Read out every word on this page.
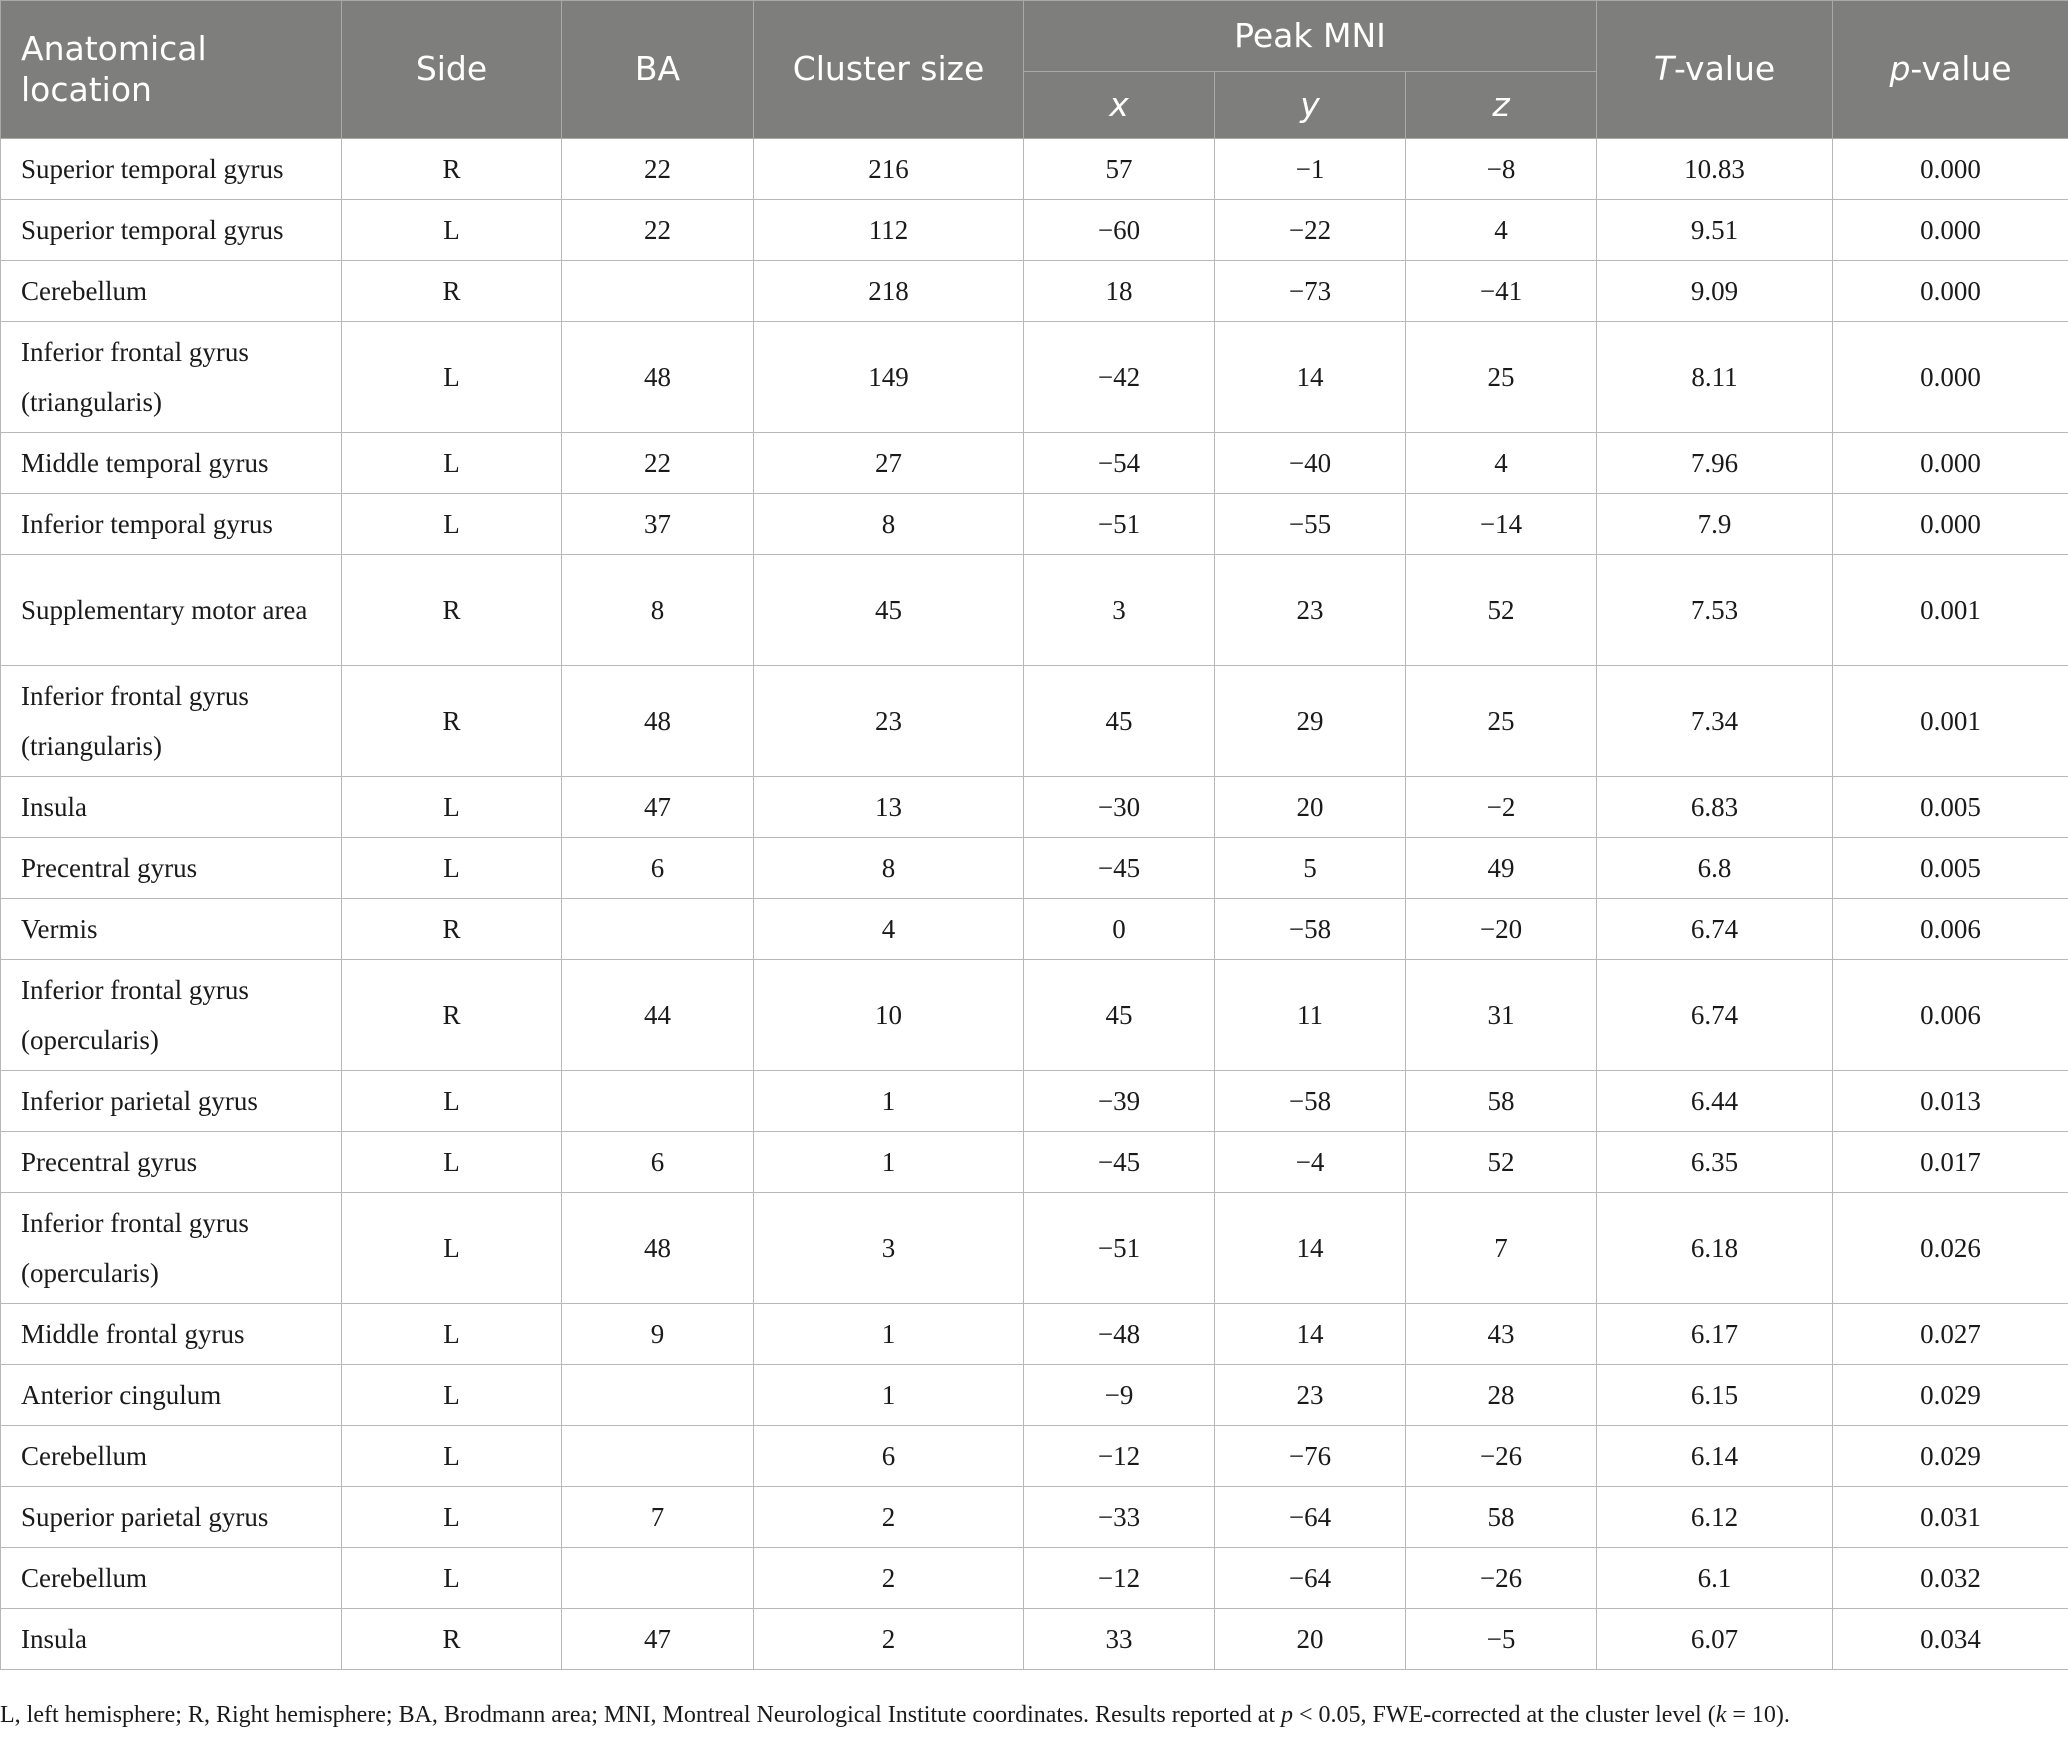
Anatomical location	Side	BA	Cluster size	Peak MNI			T-value	p-value
				x	y	z		
Superior temporal gyrus	R	22	216	57	−1	−8	10.83	0.000
Superior temporal gyrus	L	22	112	−60	−22	4	9.51	0.000
Cerebellum	R		218	18	−73	−41	9.09	0.000
Inferior frontal gyrus (triangularis)	L	48	149	−42	14	25	8.11	0.000
Middle temporal gyrus	L	22	27	−54	−40	4	7.96	0.000
Inferior temporal gyrus	L	37	8	−51	−55	−14	7.9	0.000
Supplementary motor area	R	8	45	3	23	52	7.53	0.001
Inferior frontal gyrus (triangularis)	R	48	23	45	29	25	7.34	0.001
Insula	L	47	13	−30	20	−2	6.83	0.005
Precentral gyrus	L	6	8	−45	5	49	6.8	0.005
Vermis	R		4	0	−58	−20	6.74	0.006
Inferior frontal gyrus (opercularis)	R	44	10	45	11	31	6.74	0.006
Inferior parietal gyrus	L		1	−39	−58	58	6.44	0.013
Precentral gyrus	L	6	1	−45	−4	52	6.35	0.017
Inferior frontal gyrus (opercularis)	L	48	3	−51	14	7	6.18	0.026
Middle frontal gyrus	L	9	1	−48	14	43	6.17	0.027
Anterior cingulum	L		1	−9	23	28	6.15	0.029
Cerebellum	L		6	−12	−76	−26	6.14	0.029
Superior parietal gyrus	L	7	2	−33	−64	58	6.12	0.031
Cerebellum	L		2	−12	−64	−26	6.1	0.032
Insula	R	47	2	33	20	−5	6.07	0.034

L, left hemisphere; R, Right hemisphere; BA, Brodmann area; MNI, Montreal Neurological Institute coordinates. Results reported at p < 0.05, FWE-corrected at the cluster level (k = 10).
